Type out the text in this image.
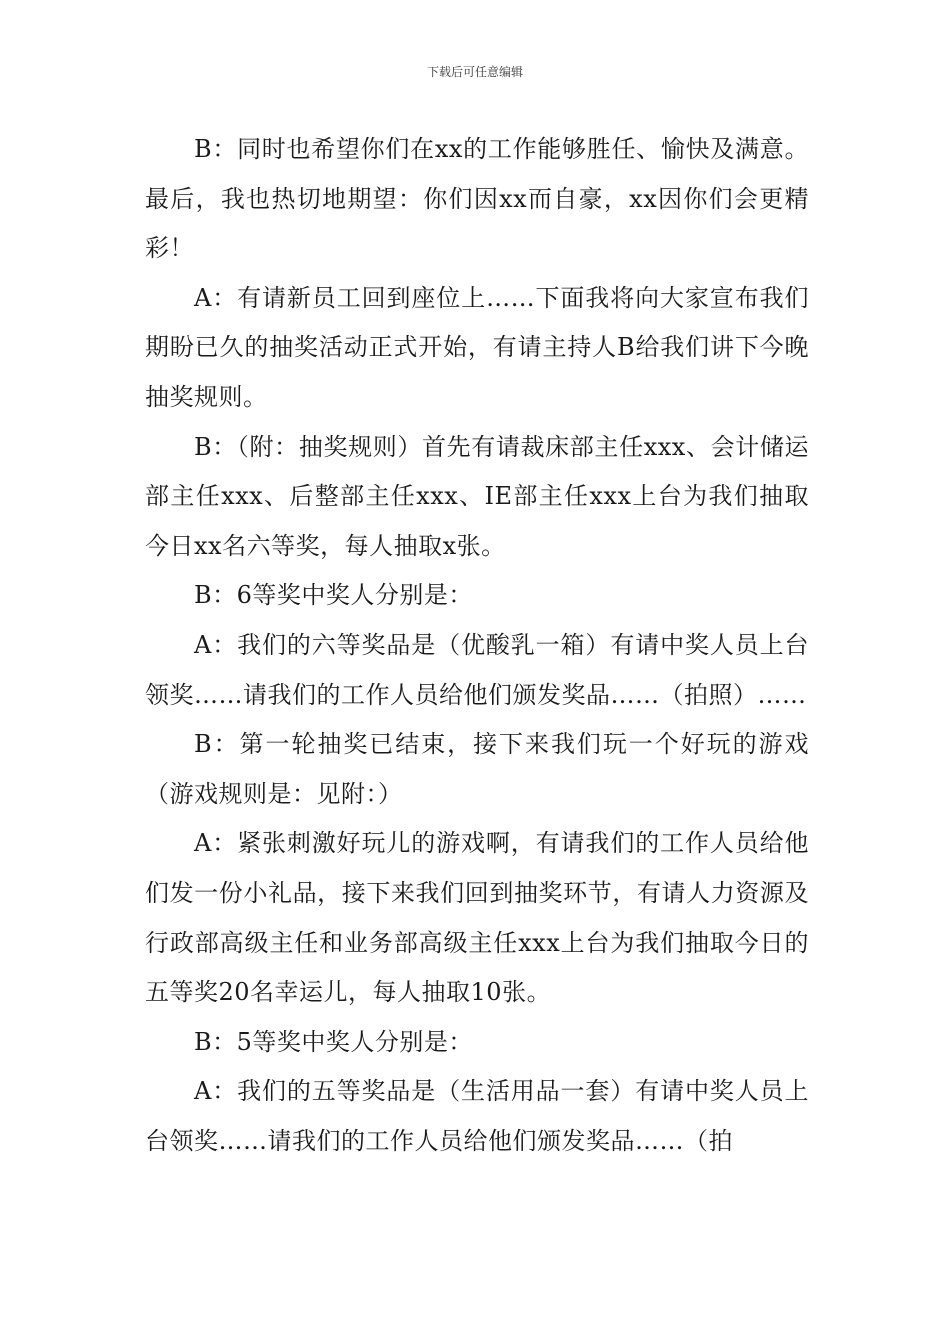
下载后可任意编辑

B：同时也希望你们在xx的工作能够胜任、愉快及满意。最后，我也热切地期望：你们因xx而自豪，xx因你们会更精彩！

A：有请新员工回到座位上……下面我将向大家宣布我们期盼已久的抽奖活动正式开始，有请主持人B给我们讲下今晚抽奖规则。

B：（附：抽奖规则）首先有请裁床部主任xxx、会计储运部主任xxx、后整部主任xxx、IE部主任xxx上台为我们抽取今日xx名六等奖，每人抽取x张。

B：6等奖中奖人分别是：

A：我们的六等奖品是（优酸乳一箱）有请中奖人员上台领奖……请我们的工作人员给他们颁发奖品……（拍照）……

B：第一轮抽奖已结束，接下来我们玩一个好玩的游戏（游戏规则是：见附：）

A：紧张刺激好玩儿的游戏啊，有请我们的工作人员给他们发一份小礼品，接下来我们回到抽奖环节，有请人力资源及行政部高级主任和业务部高级主任xxx上台为我们抽取今日的五等奖20名幸运儿，每人抽取10张。

B：5等奖中奖人分别是：

A：我们的五等奖品是（生活用品一套）有请中奖人员上台领奖……请我们的工作人员给他们颁发奖品……（拍
